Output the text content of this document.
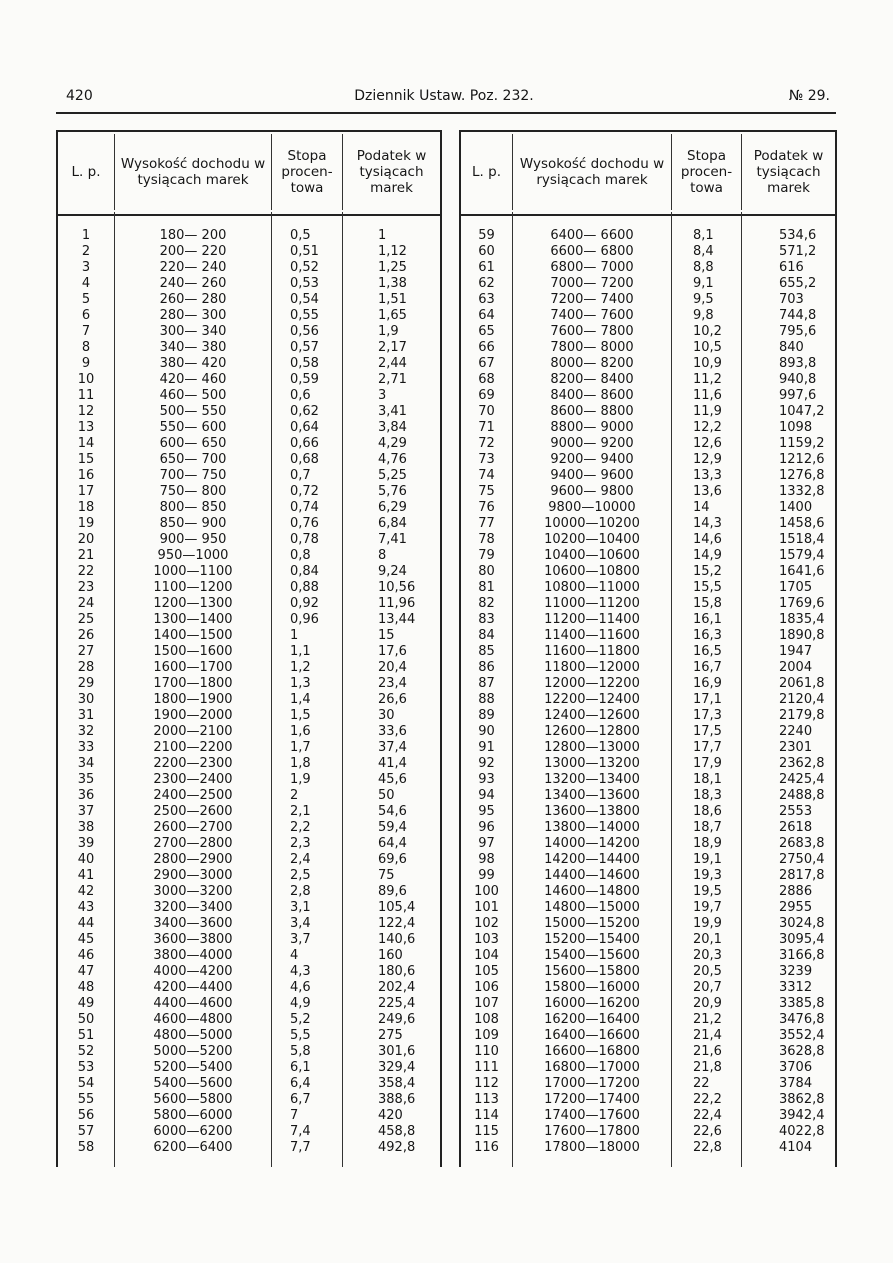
420	Dziennik Ustaw. Poz. 232.	№ 29.
L. p.	Wysokość dochodu w tysiącach marek
Stopa procen- towa
Podatek w tysiącach marek
1	180— 200	0,5	1
2	200— 220	0,51	1,12
3	220— 240	0,52	1,25
4	240— 260	0,53	1,38
5	260— 280	0,54	1,51
6	280— 300	0,55	1,65
7	300— 340	0,56	1,9
8	340— 380	0,57	2,17
9	380— 420	0,58	2,44
10	420— 460	0,59	2,71
11	460— 500	0,6	3
12	500— 550	0,62	3,41
13	550— 600	0,64	3,84
14	600— 650	0,66	4,29
15	650— 700	0,68	4,76
16	700— 750	0,7	5,25
17	750— 800	0,72	5,76
18	800— 850	0,74	6,29
19	850— 900	0,76	6,84
20	900— 950	0,78	7,41
21	950—1000	0,8	8
22	1000—1100	0,84	9,24
23	1100—1200	0,88	10,56
24	1200—1300	0,92	11,96
25	1300—1400	0,96	13,44
26	1400—1500	1	15
27	1500—1600	1,1	17,6
28	1600—1700	1,2	20,4
29	1700—1800	1,3	23,4
30	1800—1900	1,4	26,6
31	1900—2000	1,5	30
32	2000—2100	1,6	33,6
33	2100—2200	1,7	37,4
34	2200—2300	1,8	41,4
35	2300—2400	1,9	45,6
36	2400—2500	2	50
37	2500—2600	2,1	54,6
38	2600—2700	2,2	59,4
39	2700—2800	2,3	64,4
40	2800—2900	2,4	69,6
41	2900—3000	2,5	75
42	3000—3200	2,8	89,6
43	3200—3400	3,1	105,4
44	3400—3600	3,4	122,4
45	3600—3800	3,7	140,6
46	3800—4000	4	160
47	4000—4200	4,3	180,6
48	4200—4400	4,6	202,4
49	4400—4600	4,9	225,4
50	4600—4800	5,2	249,6
51	4800—5000	5,5	275
52	5000—5200	5,8	301,6
53	5200—5400	6,1	329,4
54	5400—5600	6,4	358,4
55	5600—5800	6,7	388,6
56	5800—6000	7	420
57	6000—6200	7,4	458,8
58	6200—6400	7,7	492,8
L. p.	Wysokość dochodu w rysiącach marek
Stopa procen- towa
Podatek w tysiącach marek
59	6400— 6600	8,1	534,6
60	6600— 6800	8,4	571,2
61	6800— 7000	8,8	616
62	7000— 7200	9,1	655,2
63	7200— 7400	9,5	703
64	7400— 7600	9,8	744,8
65	7600— 7800	10,2	795,6
66	7800— 8000	10,5	840
67	8000— 8200	10,9	893,8
68	8200— 8400	11,2	940,8
69	8400— 8600	11,6	997,6
70	8600— 8800	11,9	1047,2
71	8800— 9000	12,2	1098
72	9000— 9200	12,6	1159,2
73	9200— 9400	12,9	1212,6
74	9400— 9600	13,3	1276,8
75	9600— 9800	13,6	1332,8
76	9800—10000	14	1400
77	10000—10200	14,3	1458,6
78	10200—10400	14,6	1518,4
79	10400—10600	14,9	1579,4
80	10600—10800	15,2	1641,6
81	10800—11000	15,5	1705
82	11000—11200	15,8	1769,6
83	11200—11400	16,1	1835,4
84	11400—11600	16,3	1890,8
85	11600—11800	16,5	1947
86	11800—12000	16,7	2004
87	12000—12200	16,9	2061,8
88	12200—12400	17,1	2120,4
89	12400—12600	17,3	2179,8
90	12600—12800	17,5	2240
91	12800—13000	17,7	2301
92	13000—13200	17,9	2362,8
93	13200—13400	18,1	2425,4
94	13400—13600	18,3	2488,8
95	13600—13800	18,6	2553
96	13800—14000	18,7	2618
97	14000—14200	18,9	2683,8
98	14200—14400	19,1	2750,4
99	14400—14600	19,3	2817,8
100	14600—14800	19,5	2886
101	14800—15000	19,7	2955
102	15000—15200	19,9	3024,8
103	15200—15400	20,1	3095,4
104	15400—15600	20,3	3166,8
105	15600—15800	20,5	3239
106	15800—16000	20,7	3312
107	16000—16200	20,9	3385,8
108	16200—16400	21,2	3476,8
109	16400—16600	21,4	3552,4
110	16600—16800	21,6	3628,8
111	16800—17000	21,8	3706
112	17000—17200	22	3784
113	17200—17400	22,2	3862,8
114	17400—17600	22,4	3942,4
115	17600—17800	22,6	4022,8
116	17800—18000	22,8	4104
